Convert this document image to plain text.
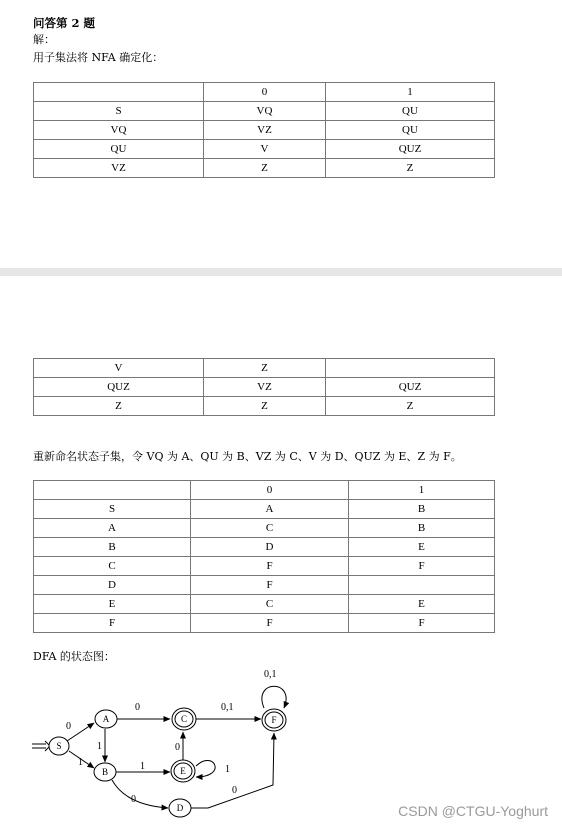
问答第 2 题
解：
用子集法将 NFA 确定化：
	0	1
S	VQ	QU
VQ	VZ	QU
QU	V	QUZ
VZ	Z	Z
V	Z	
QUZ	VZ	QUZ
Z	Z	Z
重新命名状态子集，令 VQ 为 A、QU 为 B、VZ 为 C、V 为 D、QUZ 为 E、Z 为 F。
	0	1
S	A	B
A	C	B
B	D	E
C	F	F
D	F	
E	C	E
F	F	F
DFA 的状态图：
0
1
0
1
1
0
0,1
0
1
0
0,1
S
A
B
C
D
E
F
CSDN @CTGU-Yoghurt
